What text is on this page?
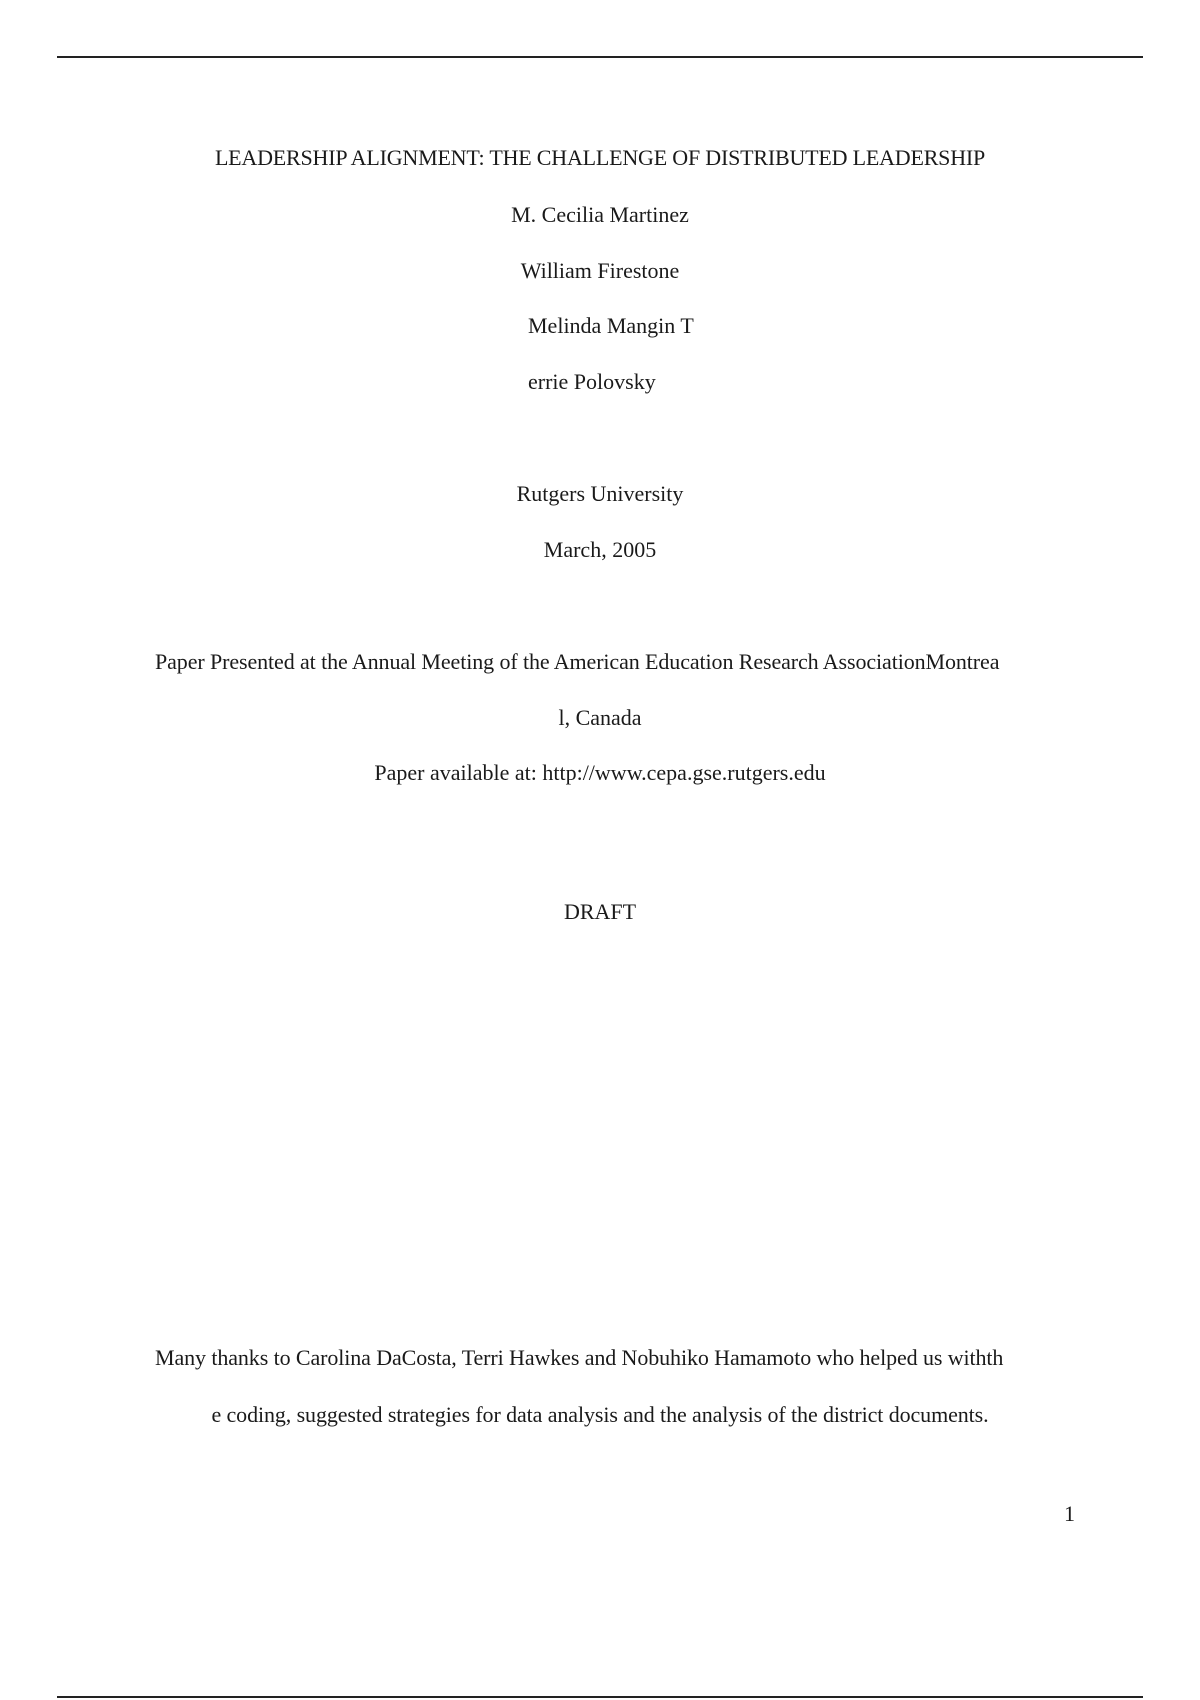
LEADERSHIP ALIGNMENT: THE CHALLENGE OF DISTRIBUTED LEADERSHIP
M. Cecilia Martinez
William Firestone
Melinda Mangin T
errie Polovsky
Rutgers University
March, 2005
Paper Presented at the Annual Meeting of the American Education Research AssociationMontrea
l, Canada
Paper available at: http://www.cepa.gse.rutgers.edu
DRAFT
Many thanks to Carolina DaCosta, Terri Hawkes and Nobuhiko Hamamoto who helped us withth
e coding, suggested strategies for data analysis and the analysis of the district documents.
1
